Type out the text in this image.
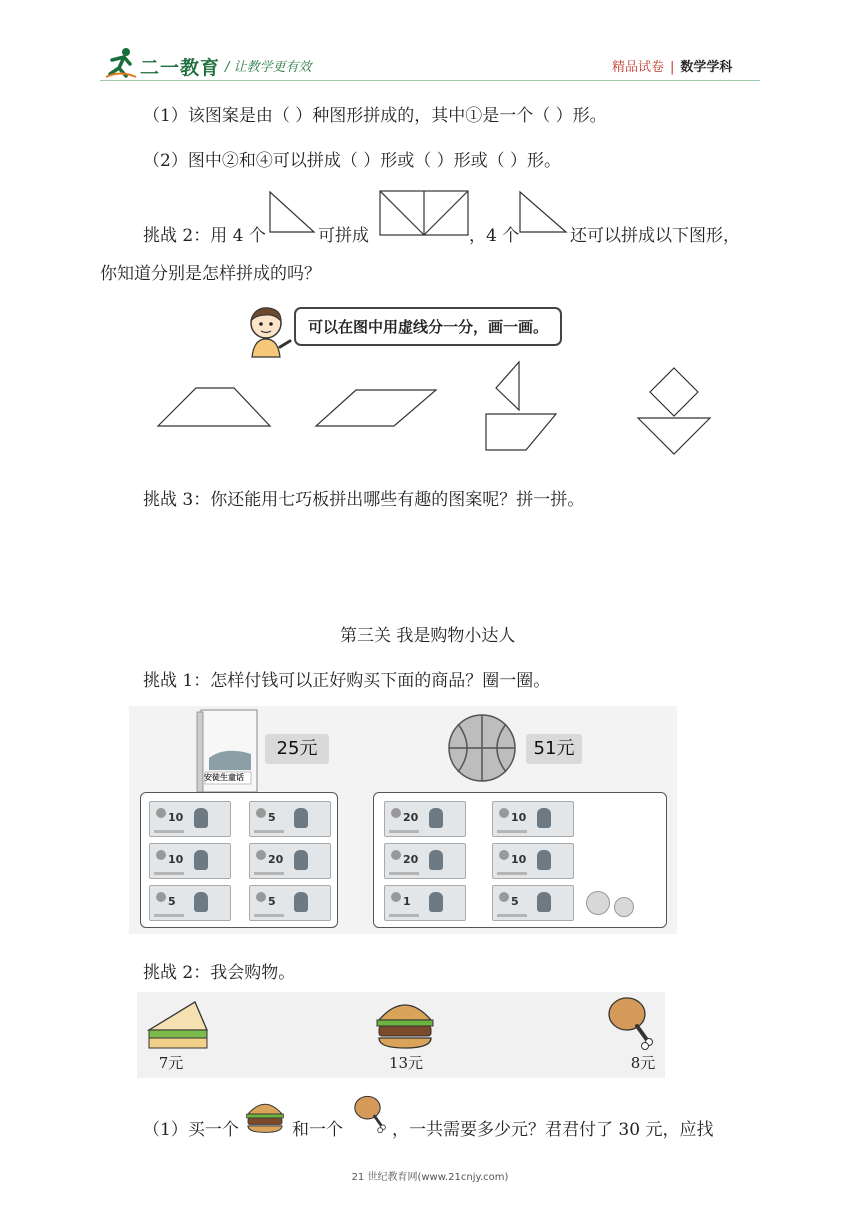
二一教育 / 让教学更有效	精品试卷 | 数学学科
（1）该图案是由（ ）种图形拼成的，其中①是一个（ ）形。
（2）图中②和④可以拼成（ ）形或（ ）形或（ ）形。
挑战 2：用 4 个	可拼成	，4 个	还可以拼成以下图形，
你知道分别是怎样拼成的吗？
可以在图中用虚线分一分，画一画。
挑战 3：你还能用七巧板拼出哪些有趣的图案呢？拼一拼。
第三关 我是购物小达人
挑战 1：怎样付钱可以正好购买下面的商品？圈一圈。
安徒生童话
25元	51元
10	5
10	20
5	5
20	10
20	10
1	5
挑战 2：我会购物。
7元	13元	8元
（1）买一个	和一个	，一共需要多少元？君君付了 30 元，应找
21 世纪教育网(www.21cnjy.com)
